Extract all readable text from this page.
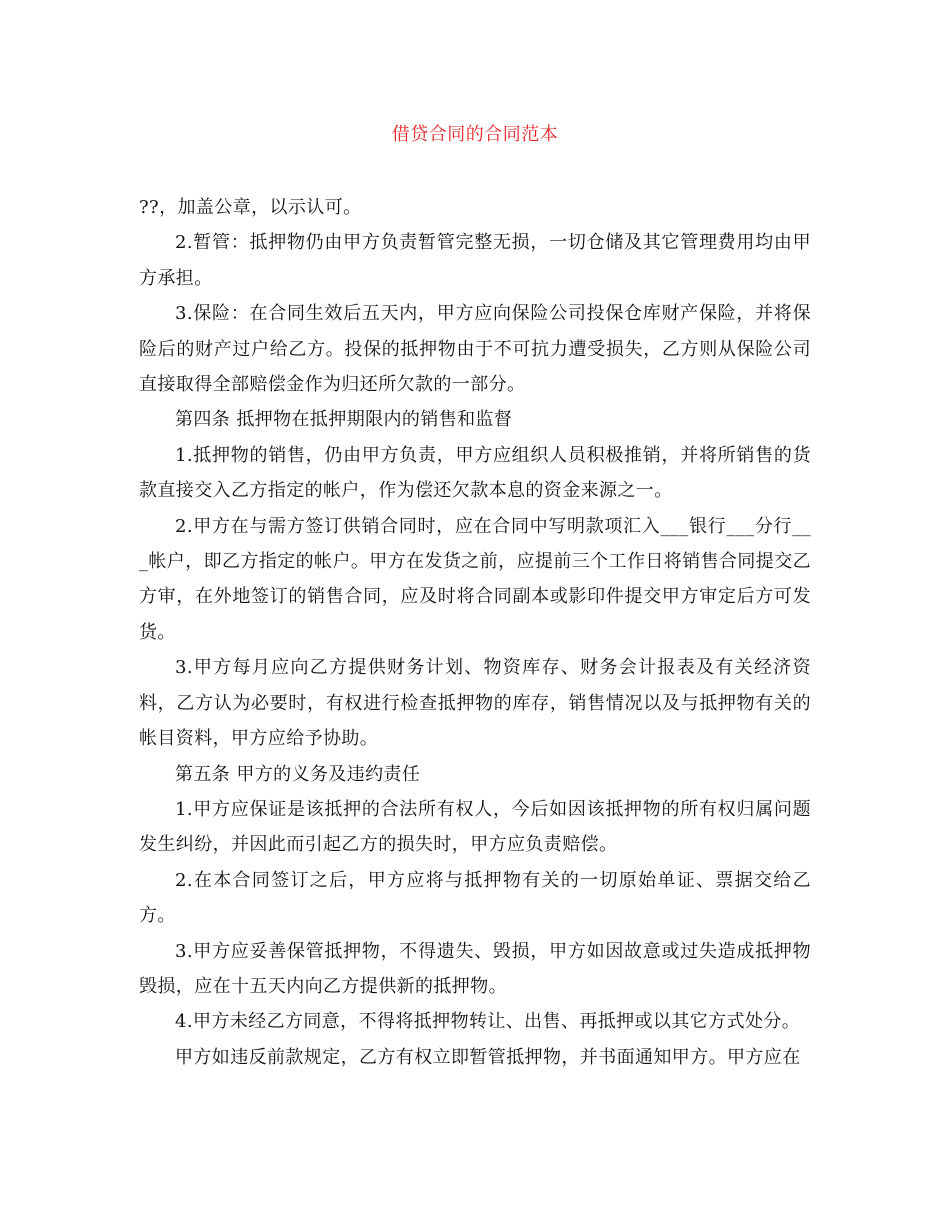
借贷合同的合同范本

??，加盖公章，以示认可。

2.暂管：抵押物仍由甲方负责暂管完整无损，一切仓储及其它管理费用均由甲方承担。

3.保险：在合同生效后五天内，甲方应向保险公司投保仓库财产保险，并将保险后的财产过户给乙方。投保的抵押物由于不可抗力遭受损失，乙方则从保险公司直接取得全部赔偿金作为归还所欠款的一部分。

第四条 抵押物在抵押期限内的销售和监督

1.抵押物的销售，仍由甲方负责，甲方应组织人员积极推销，并将所销售的货款直接交入乙方指定的帐户，作为偿还欠款本息的资金来源之一。

2.甲方在与需方签订供销合同时，应在合同中写明款项汇入___银行___分行___帐户，即乙方指定的帐户。甲方在发货之前，应提前三个工作日将销售合同提交乙方审，在外地签订的销售合同，应及时将合同副本或影印件提交甲方审定后方可发货。

3.甲方每月应向乙方提供财务计划、物资库存、财务会计报表及有关经济资料，乙方认为必要时，有权进行检查抵押物的库存，销售情况以及与抵押物有关的帐目资料，甲方应给予协助。

第五条 甲方的义务及违约责任

1.甲方应保证是该抵押的合法所有权人，今后如因该抵押物的所有权归属问题发生纠纷，并因此而引起乙方的损失时，甲方应负责赔偿。

2.在本合同签订之后，甲方应将与抵押物有关的一切原始单证、票据交给乙方。

3.甲方应妥善保管抵押物，不得遗失、毁损，甲方如因故意或过失造成抵押物毁损，应在十五天内向乙方提供新的抵押物。

4.甲方未经乙方同意，不得将抵押物转让、出售、再抵押或以其它方式处分。

甲方如违反前款规定，乙方有权立即暂管抵押物，并书面通知甲方。甲方应在
